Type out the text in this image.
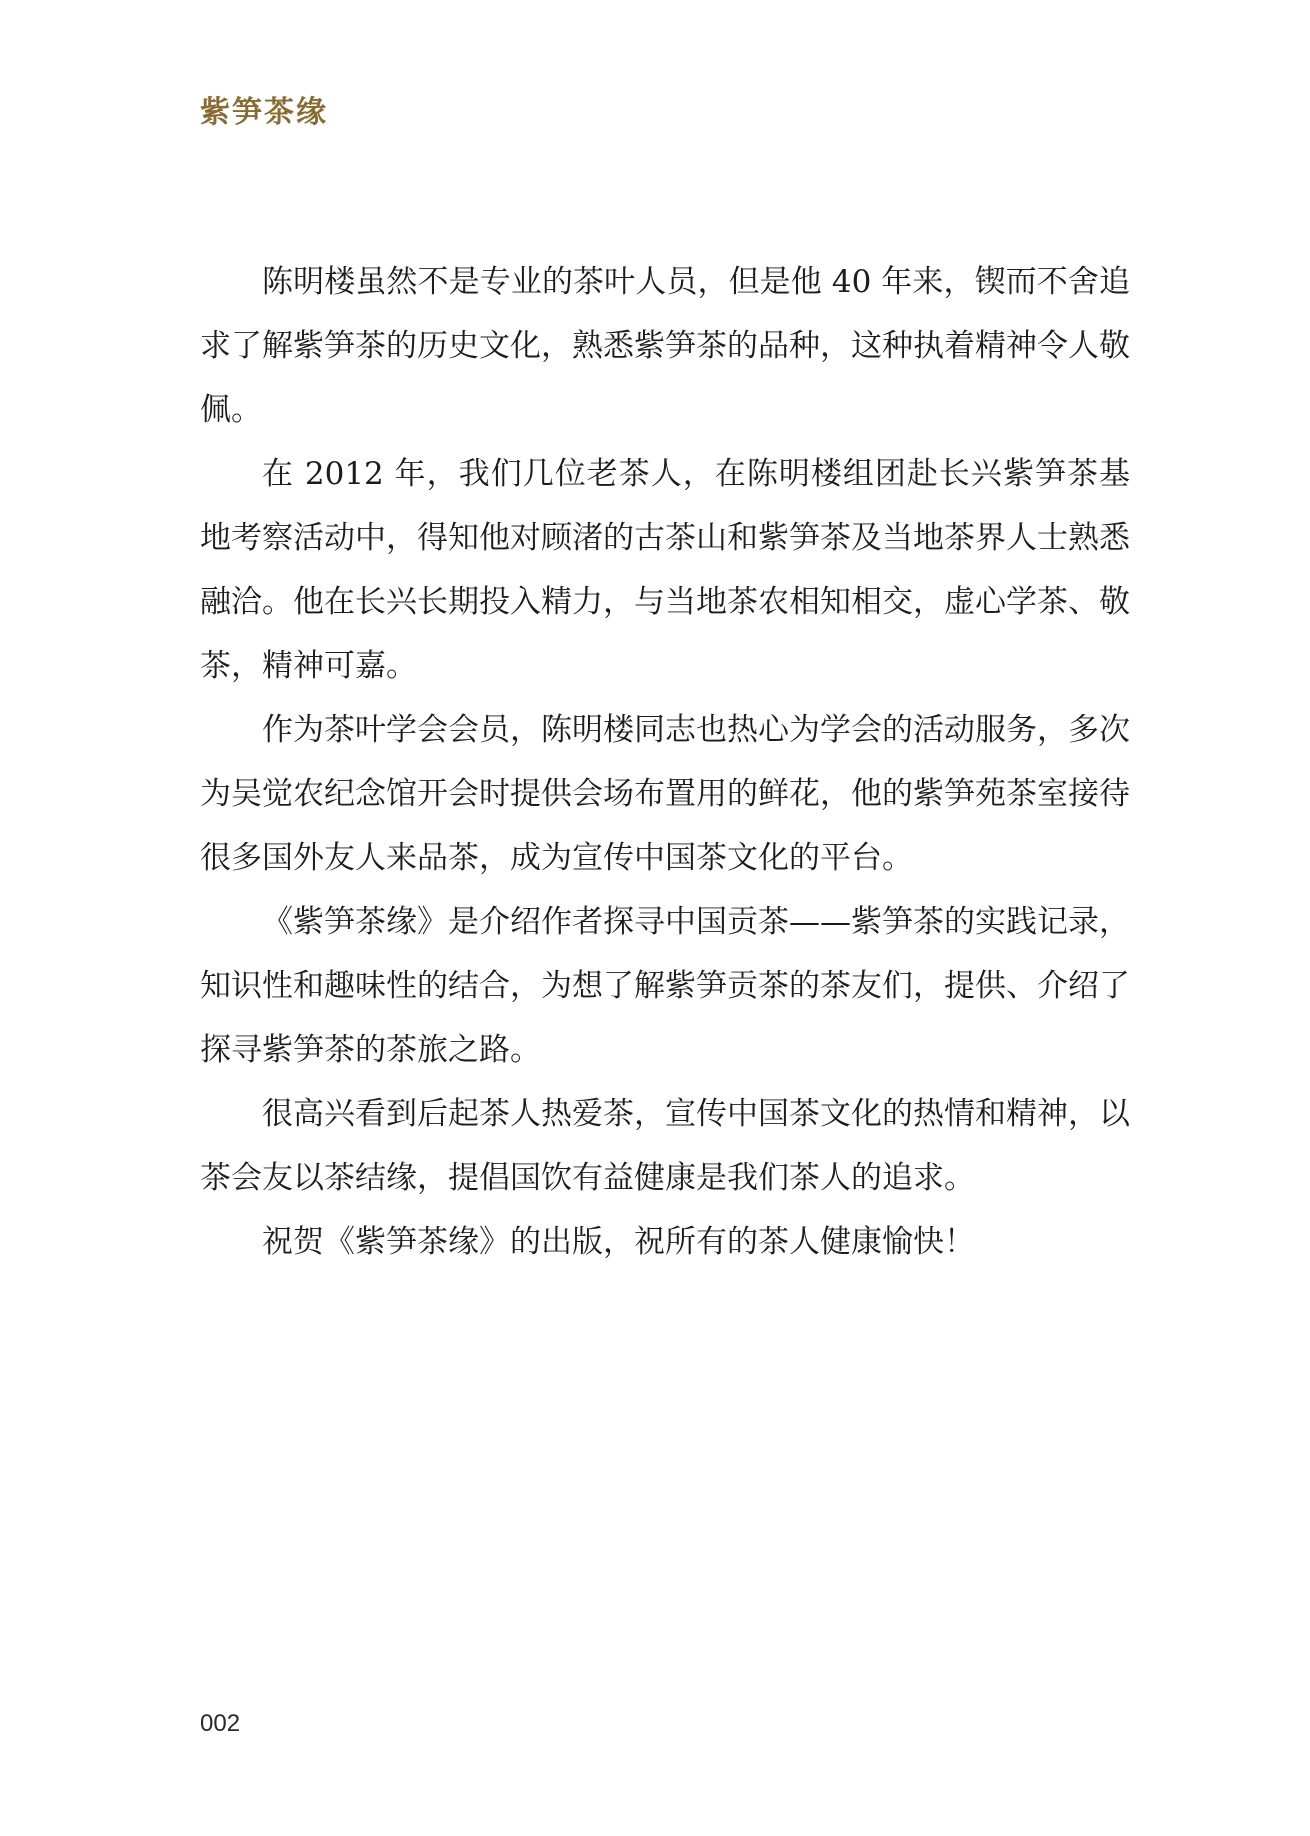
紫笋茶缘

陈明楼虽然不是专业的茶叶人员，但是他 40 年来，锲而不舍追求了解紫笋茶的历史文化，熟悉紫笋茶的品种，这种执着精神令人敬佩。

在 2012 年，我们几位老茶人，在陈明楼组团赴长兴紫笋茶基地考察活动中，得知他对顾渚的古茶山和紫笋茶及当地茶界人士熟悉融洽。他在长兴长期投入精力，与当地茶农相知相交，虚心学茶、敬茶，精神可嘉。

作为茶叶学会会员，陈明楼同志也热心为学会的活动服务，多次为吴觉农纪念馆开会时提供会场布置用的鲜花，他的紫笋苑茶室接待很多国外友人来品茶，成为宣传中国茶文化的平台。

《紫笋茶缘》是介绍作者探寻中国贡茶——紫笋茶的实践记录，知识性和趣味性的结合，为想了解紫笋贡茶的茶友们，提供、介绍了探寻紫笋茶的茶旅之路。

很高兴看到后起茶人热爱茶，宣传中国茶文化的热情和精神，以茶会友以茶结缘，提倡国饮有益健康是我们茶人的追求。

祝贺《紫笋茶缘》的出版，祝所有的茶人健康愉快！

002
